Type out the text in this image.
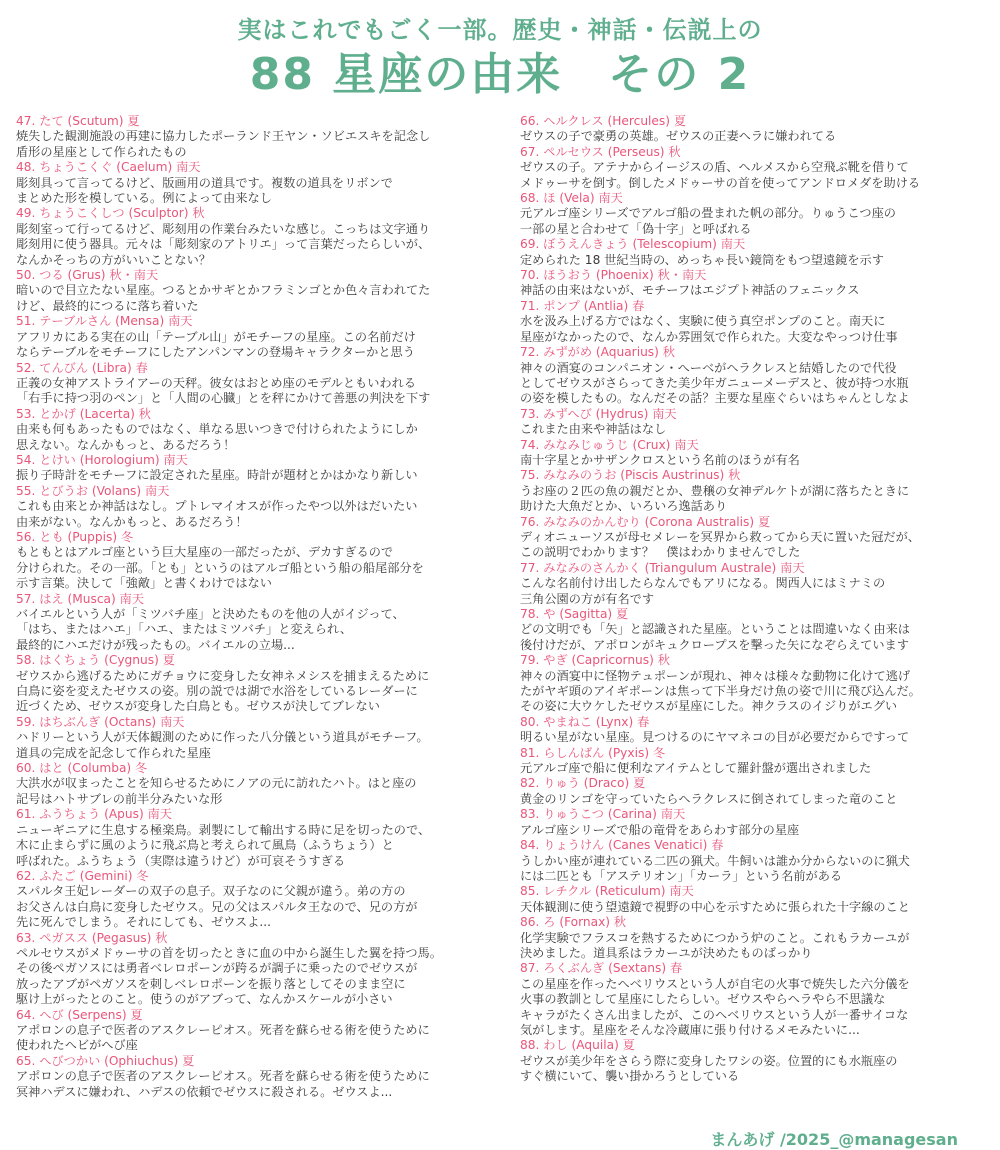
実はこれでもごく一部。歴史・神話・伝説上の
88 星座の由来　その 2
47. たて (Scutum) 夏
焼失した観測施設の再建に協力したポーランド王ヤン・ソビエスキを記念し
盾形の星座として作られたもの
48. ちょうこくぐ (Caelum) 南天
彫刻具って言ってるけど、版画用の道具です。複数の道具をリボンで
まとめた形を模している。例によって由来なし
49. ちょうこくしつ (Sculptor) 秋
彫刻室って行ってるけど、彫刻用の作業台みたいな感じ。こっちは文字通り
彫刻用に使う器具。元々は「彫刻家のアトリエ」って言葉だったらしいが、
なんかそっちの方がいいことない？
50. つる (Grus) 秋・南天
暗いので目立たない星座。つるとかサギとかフラミンゴとか色々言われてた
けど、最終的につるに落ち着いた
51. テーブルさん (Mensa) 南天
アフリカにある実在の山「テーブル山」がモチーフの星座。この名前だけ
ならテーブルをモチーフにしたアンパンマンの登場キャラクターかと思う
52. てんびん (Libra) 春
正義の女神アストライアーの天秤。彼女はおとめ座のモデルともいわれる
「右手に持つ羽のペン」と「人間の心臓」とを秤にかけて善悪の判決を下す
53. とかげ (Lacerta) 秋
由来も何もあったものではなく、単なる思いつきで付けられたようにしか
思えない。なんかもっと、あるだろう！
54. とけい (Horologium) 南天
振り子時計をモチーフに設定された星座。時計が題材とかはかなり新しい
55. とびうお (Volans) 南天
これも由来とか神話はなし。プトレマイオスが作ったやつ以外はだいたい
由来がない。なんかもっと、あるだろう！
56. とも (Puppis) 冬
もともとはアルゴ座という巨大星座の一部だったが、デカすぎるので
分けられた。その一部。「とも」というのはアルゴ船という船の船尾部分を
示す言葉。決して「強敵」と書くわけではない
57. はえ (Musca) 南天
バイエルという人が「ミツバチ座」と決めたものを他の人がイジって、
「はち、またはハエ」「ハエ、またはミツバチ」と変えられ、
最終的にハエだけが残ったもの。バイエルの立場...
58. はくちょう (Cygnus) 夏
ゼウスから逃げるためにガチョウに変身した女神ネメシスを捕まえるために
白鳥に姿を変えたゼウスの姿。別の説では湖で水浴をしているレーダーに
近づくため、ゼウスが変身した白鳥とも。ゼウスが決してブレない
59. はちぶんぎ (Octans) 南天
ハドリーという人が天体観測のために作った八分儀という道具がモチーフ。
道具の完成を記念して作られた星座
60. はと (Columba) 冬
大洪水が収まったことを知らせるためにノアの元に訪れたハト。はと座の
記号はハトサブレの前半分みたいな形
61. ふうちょう (Apus) 南天
ニューギニアに生息する極楽鳥。剥製にして輸出する時に足を切ったので、
木に止まらずに風のように飛ぶ鳥と考えられて風鳥（ふうちょう）と
呼ばれた。ふうちょう（実際は違うけど）が可哀そうすぎる
62. ふたご (Gemini) 冬
スパルタ王妃レーダーの双子の息子。双子なのに父親が違う。弟の方の
お父さんは白鳥に変身したゼウス。兄の父はスパルタ王なので、兄の方が
先に死んでしまう。それにしても、ゼウスよ...
63. ペガスス (Pegasus) 秋
ペルセウスがメドゥーサの首を切ったときに血の中から誕生した翼を持つ馬。
その後ペガソスには勇者ベレロポーンが跨るが調子に乗ったのでゼウスが
放ったアブがペガソスを刺しベレロポーンを振り落としてそのまま空に
駆け上がったとのこと。使うのがアブって、なんかスケールが小さい
64. へび (Serpens) 夏
アポロンの息子で医者のアスクレーピオス。死者を蘇らせる術を使うために
使われたヘビがへび座
65. へびつかい (Ophiuchus) 夏
アポロンの息子で医者のアスクレーピオス。死者を蘇らせる術を使うために
冥神ハデスに嫌われ、ハデスの依頼でゼウスに殺される。ゼウスよ...
66. ヘルクレス (Hercules) 夏
ゼウスの子で豪勇の英雄。ゼウスの正妻ヘラに嫌われてる
67. ペルセウス (Perseus) 秋
ゼウスの子。アテナからイージスの盾、ヘルメスから空飛ぶ靴を借りて
メドゥーサを倒す。倒したメドゥーサの首を使ってアンドロメダを助ける
68. ほ (Vela) 南天
元アルゴ座シリーズでアルゴ船の畳まれた帆の部分。りゅうこつ座の
一部の星と合わせて「偽十字」と呼ばれる
69. ぼうえんきょう (Telescopium) 南天
定められた 18 世紀当時の、めっちゃ長い鏡筒をもつ望遠鏡を示す
70. ほうおう (Phoenix) 秋・南天
神話の由来はないが、モチーフはエジプト神話のフェニックス
71. ポンプ (Antlia) 春
水を汲み上げる方ではなく、実験に使う真空ポンプのこと。南天に
星座がなかったので、なんか雰囲気で作られた。大変なやっつけ仕事
72. みずがめ (Aquarius) 秋
神々の酒宴のコンパニオン・へーベがヘラクレスと結婚したので代役
としてゼウスがさらってきた美少年ガニューメーデスと、彼が持つ水瓶
の姿を模したもの。なんだその話？主要な星座ぐらいはちゃんとしなよ
73. みずへび (Hydrus) 南天
これまた由来や神話はなし
74. みなみじゅうじ (Crux) 南天
南十字星とかサザンクロスという名前のほうが有名
75. みなみのうお (Piscis Austrinus) 秋
うお座の２匹の魚の親だとか、豊穣の女神デルケトが湖に落ちたときに
助けた大魚だとか、いろいろ逸話あり
76. みなみのかんむり (Corona Australis) 夏
ディオニューソスが母セメレーを冥界から救ってから天に置いた冠だが、
この説明でわかります？　僕はわかりませんでした
77. みなみのさんかく (Triangulum Australe) 南天
こんな名前付け出したらなんでもアリになる。関西人にはミナミの
三角公園の方が有名です
78. や (Sagitta) 夏
どの文明でも「矢」と認識された星座。ということは間違いなく由来は
後付けだが、アポロンがキュクロープスを撃った矢になぞらえています
79. やぎ (Capricornus) 秋
神々の酒宴中に怪物テュポーンが現れ、神々は様々な動物に化けて逃げ
たがヤギ頭のアイギポーンは焦って下半身だけ魚の姿で川に飛び込んだ。
その姿に大ウケしたゼウスが星座にした。神クラスのイジりがエグい
80. やまねこ (Lynx) 春
明るい星がない星座。見つけるのにヤマネコの目が必要だからですって
81. らしんばん (Pyxis) 冬
元アルゴ座で船に便利なアイテムとして羅針盤が選出されました
82. りゅう (Draco) 夏
黄金のリンゴを守っていたらヘラクレスに倒されてしまった竜のこと
83. りゅうこつ (Carina) 南天
アルゴ座シリーズで船の竜骨をあらわす部分の星座
84. りょうけん (Canes Venatici) 春
うしかい座が連れている二匹の猟犬。牛飼いは誰か分からないのに猟犬
には二匹とも「アステリオン」「カーラ」という名前がある
85. レチクル (Reticulum) 南天
天体観測に使う望遠鏡で視野の中心を示すために張られた十字線のこと
86. ろ (Fornax) 秋
化学実験でフラスコを熱するためにつかう炉のこと。これもラカーユが
決めました。道具系はラカーユが決めたものばっかり
87. ろくぶんぎ (Sextans) 春
この星座を作ったヘベリウスという人が自宅の火事で焼失した六分儀を
火事の教訓として星座にしたらしい。ゼウスやらヘラやら不思議な
キャラがたくさん出ましたが、このヘベリウスという人が一番サイコな
気がします。星座をそんな冷蔵庫に張り付けるメモみたいに...
88. わし (Aquila) 夏
ゼウスが美少年をさらう際に変身したワシの姿。位置的にも水瓶座の
すぐ横にいて、襲い掛かろうとしている
まんあげ /2025_@managesan
